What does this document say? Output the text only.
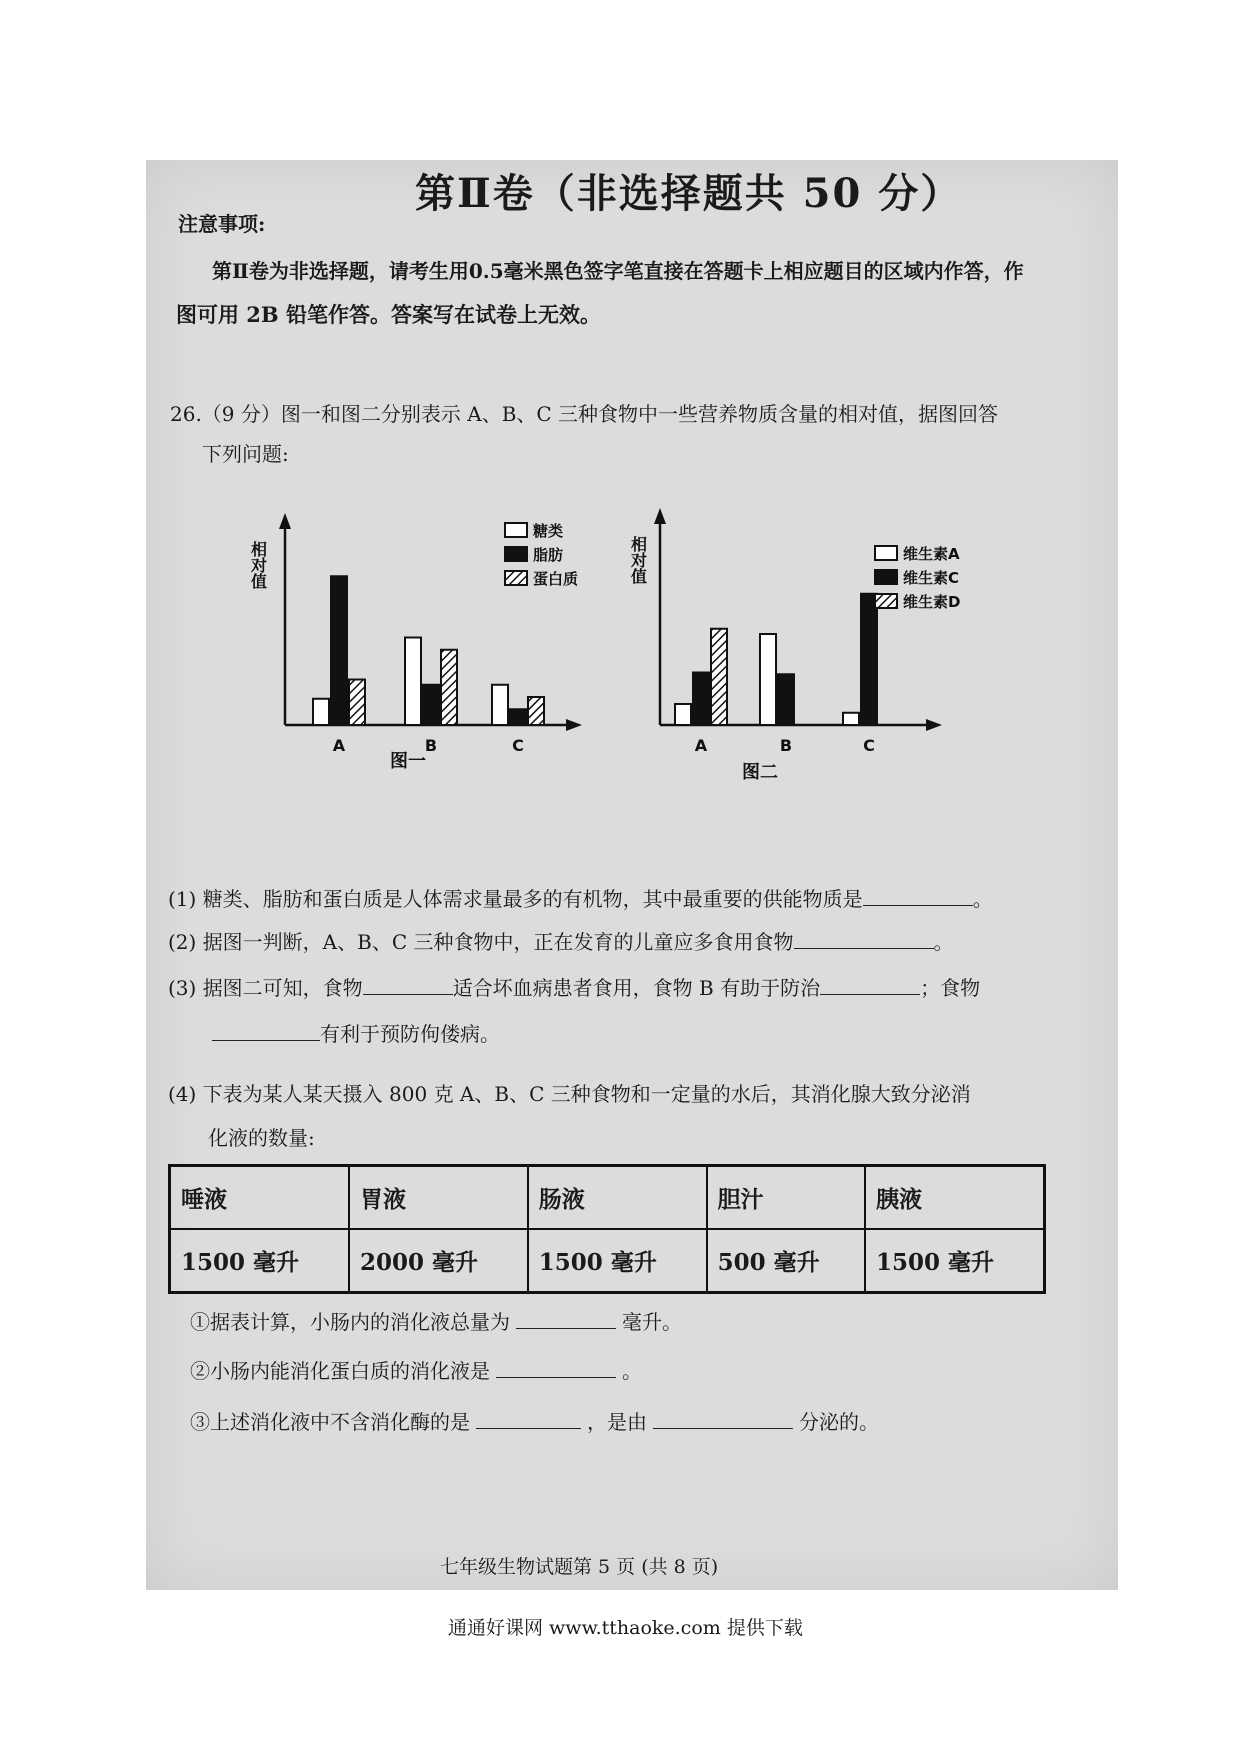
第Ⅱ卷（非选择题共 50 分）
注意事项:
第Ⅱ卷为非选择题，请考生用0.5毫米黑色签字笔直接在答题卡上相应题目的区域内作答，作
图可用 2B 铅笔作答。答案写在试卷上无效。
26.（9 分）图一和图二分别表示 A、B、C 三种食物中一些营养物质含量的相对值，据图回答
下列问题:
相对值
A	B	C
糖类
脂肪
蛋白质
图一
相对值
A	B	C
维生素A
维生素C
维生素D
图二
(1) 糖类、脂肪和蛋白质是人体需求量最多的有机物，其中最重要的供能物质是	。
(2) 据图一判断，A、B、C 三种食物中，正在发育的儿童应多食用食物	。
(3) 据图二可知，食物	适合坏血病患者食用，食物 B 有助于防治	；食物
有利于预防佝偻病。
(4) 下表为某人某天摄入 800 克 A、B、C 三种食物和一定量的水后，其消化腺大致分泌消
化液的数量:
唾液	胃液	肠液	胆汁	胰液
1500 毫升	2000 毫升	1500 毫升	500 毫升	1500 毫升
①据表计算，小肠内的消化液总量为	毫升。
②小肠内能消化蛋白质的消化液是	。
③上述消化液中不含消化酶的是	，是由	分泌的。
七年级生物试题第 5 页 (共 8 页)
通通好课网 www.tthaoke.com 提供下载
